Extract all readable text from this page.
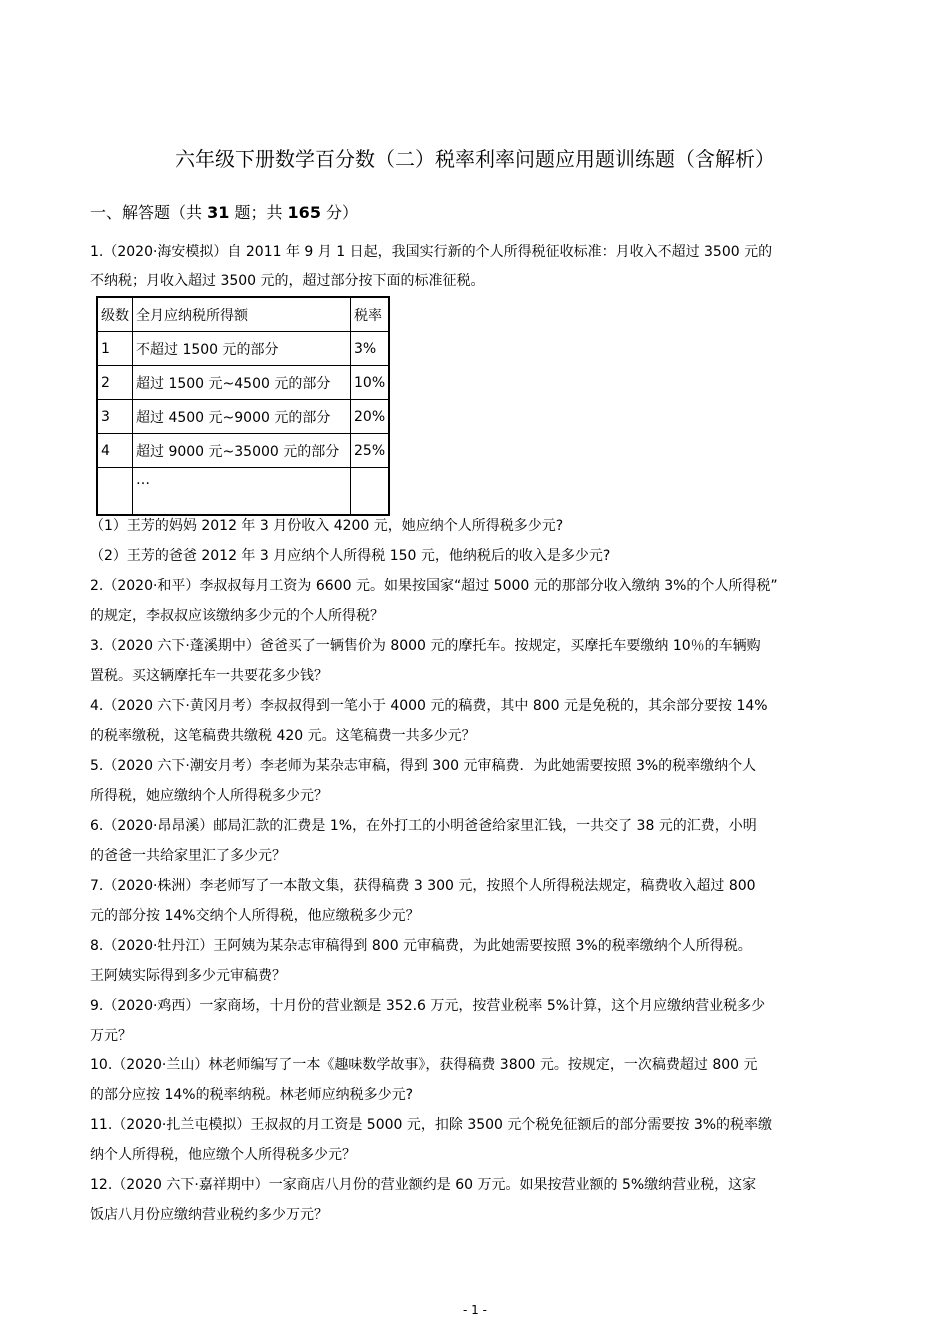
六年级下册数学百分数（二）税率利率问题应用题训练题（含解析）
一、解答题（共 31 题；共 165 分）
1.（2020·海安模拟）自 2011 年 9 月 1 日起，我国实行新的个人所得税征收标准：月收入不超过 3500 元的
不纳税；月收入超过 3500 元的，超过部分按下面的标准征税。
级数	全月应纳税所得额	税率
1	不超过 1500 元的部分	3%
2	超过 1500 元~4500 元的部分	10%
3	超过 4500 元~9000 元的部分	20%
4	超过 9000 元~35000 元的部分	25%
	…	
（1）王芳的妈妈 2012 年 3 月份收入 4200 元，她应纳个人所得税多少元?
（2）王芳的爸爸 2012 年 3 月应纳个人所得税 150 元，他纳税后的收入是多少元?
2.（2020·和平）李叔叔每月工资为 6600 元。如果按国家“超过 5000 元的那部分收入缴纳 3%的个人所得税”
的规定，李叔叔应该缴纳多少元的个人所得税？
3.（2020 六下·蓬溪期中）爸爸买了一辆售价为 8000 元的摩托车。按规定，买摩托车要缴纳 10％的车辆购
置税。买这辆摩托车一共要花多少钱？
4.（2020 六下·黄冈月考）李叔叔得到一笔小于 4000 元的稿费，其中 800 元是免税的，其余部分要按 14%
的税率缴税，这笔稿费共缴税 420 元。这笔稿费一共多少元？
5.（2020 六下·潮安月考）李老师为某杂志审稿，得到 300 元审稿费．为此她需要按照 3%的税率缴纳个人
所得税，她应缴纳个人所得税多少元？
6.（2020·昂昂溪）邮局汇款的汇费是 1%，在外打工的小明爸爸给家里汇钱，一共交了 38 元的汇费，小明
的爸爸一共给家里汇了多少元？
7.（2020·株洲）李老师写了一本散文集，获得稿费 3 300 元，按照个人所得税法规定，稿费收入超过 800
元的部分按 14%交纳个人所得税，他应缴税多少元？
8.（2020·牡丹江）王阿姨为某杂志审稿得到 800 元审稿费，为此她需要按照 3%的税率缴纳个人所得税。
王阿姨实际得到多少元审稿费？
9.（2020·鸡西）一家商场，十月份的营业额是 352.6 万元，按营业税率 5%计算，这个月应缴纳营业税多少
万元？
10.（2020·兰山）林老师编写了一本《趣味数学故事》，获得稿费 3800 元。按规定，一次稿费超过 800 元
的部分应按 14%的税率纳税。林老师应纳税多少元?
11.（2020·扎兰屯模拟）王叔叔的月工资是 5000 元，扣除 3500 元个税免征额后的部分需要按 3%的税率缴
纳个人所得税，他应缴个人所得税多少元？
12.（2020 六下·嘉祥期中）一家商店八月份的营业额约是 60 万元。如果按营业额的 5%缴纳营业税，这家
饭店八月份应缴纳营业税约多少万元？
- 1 -
